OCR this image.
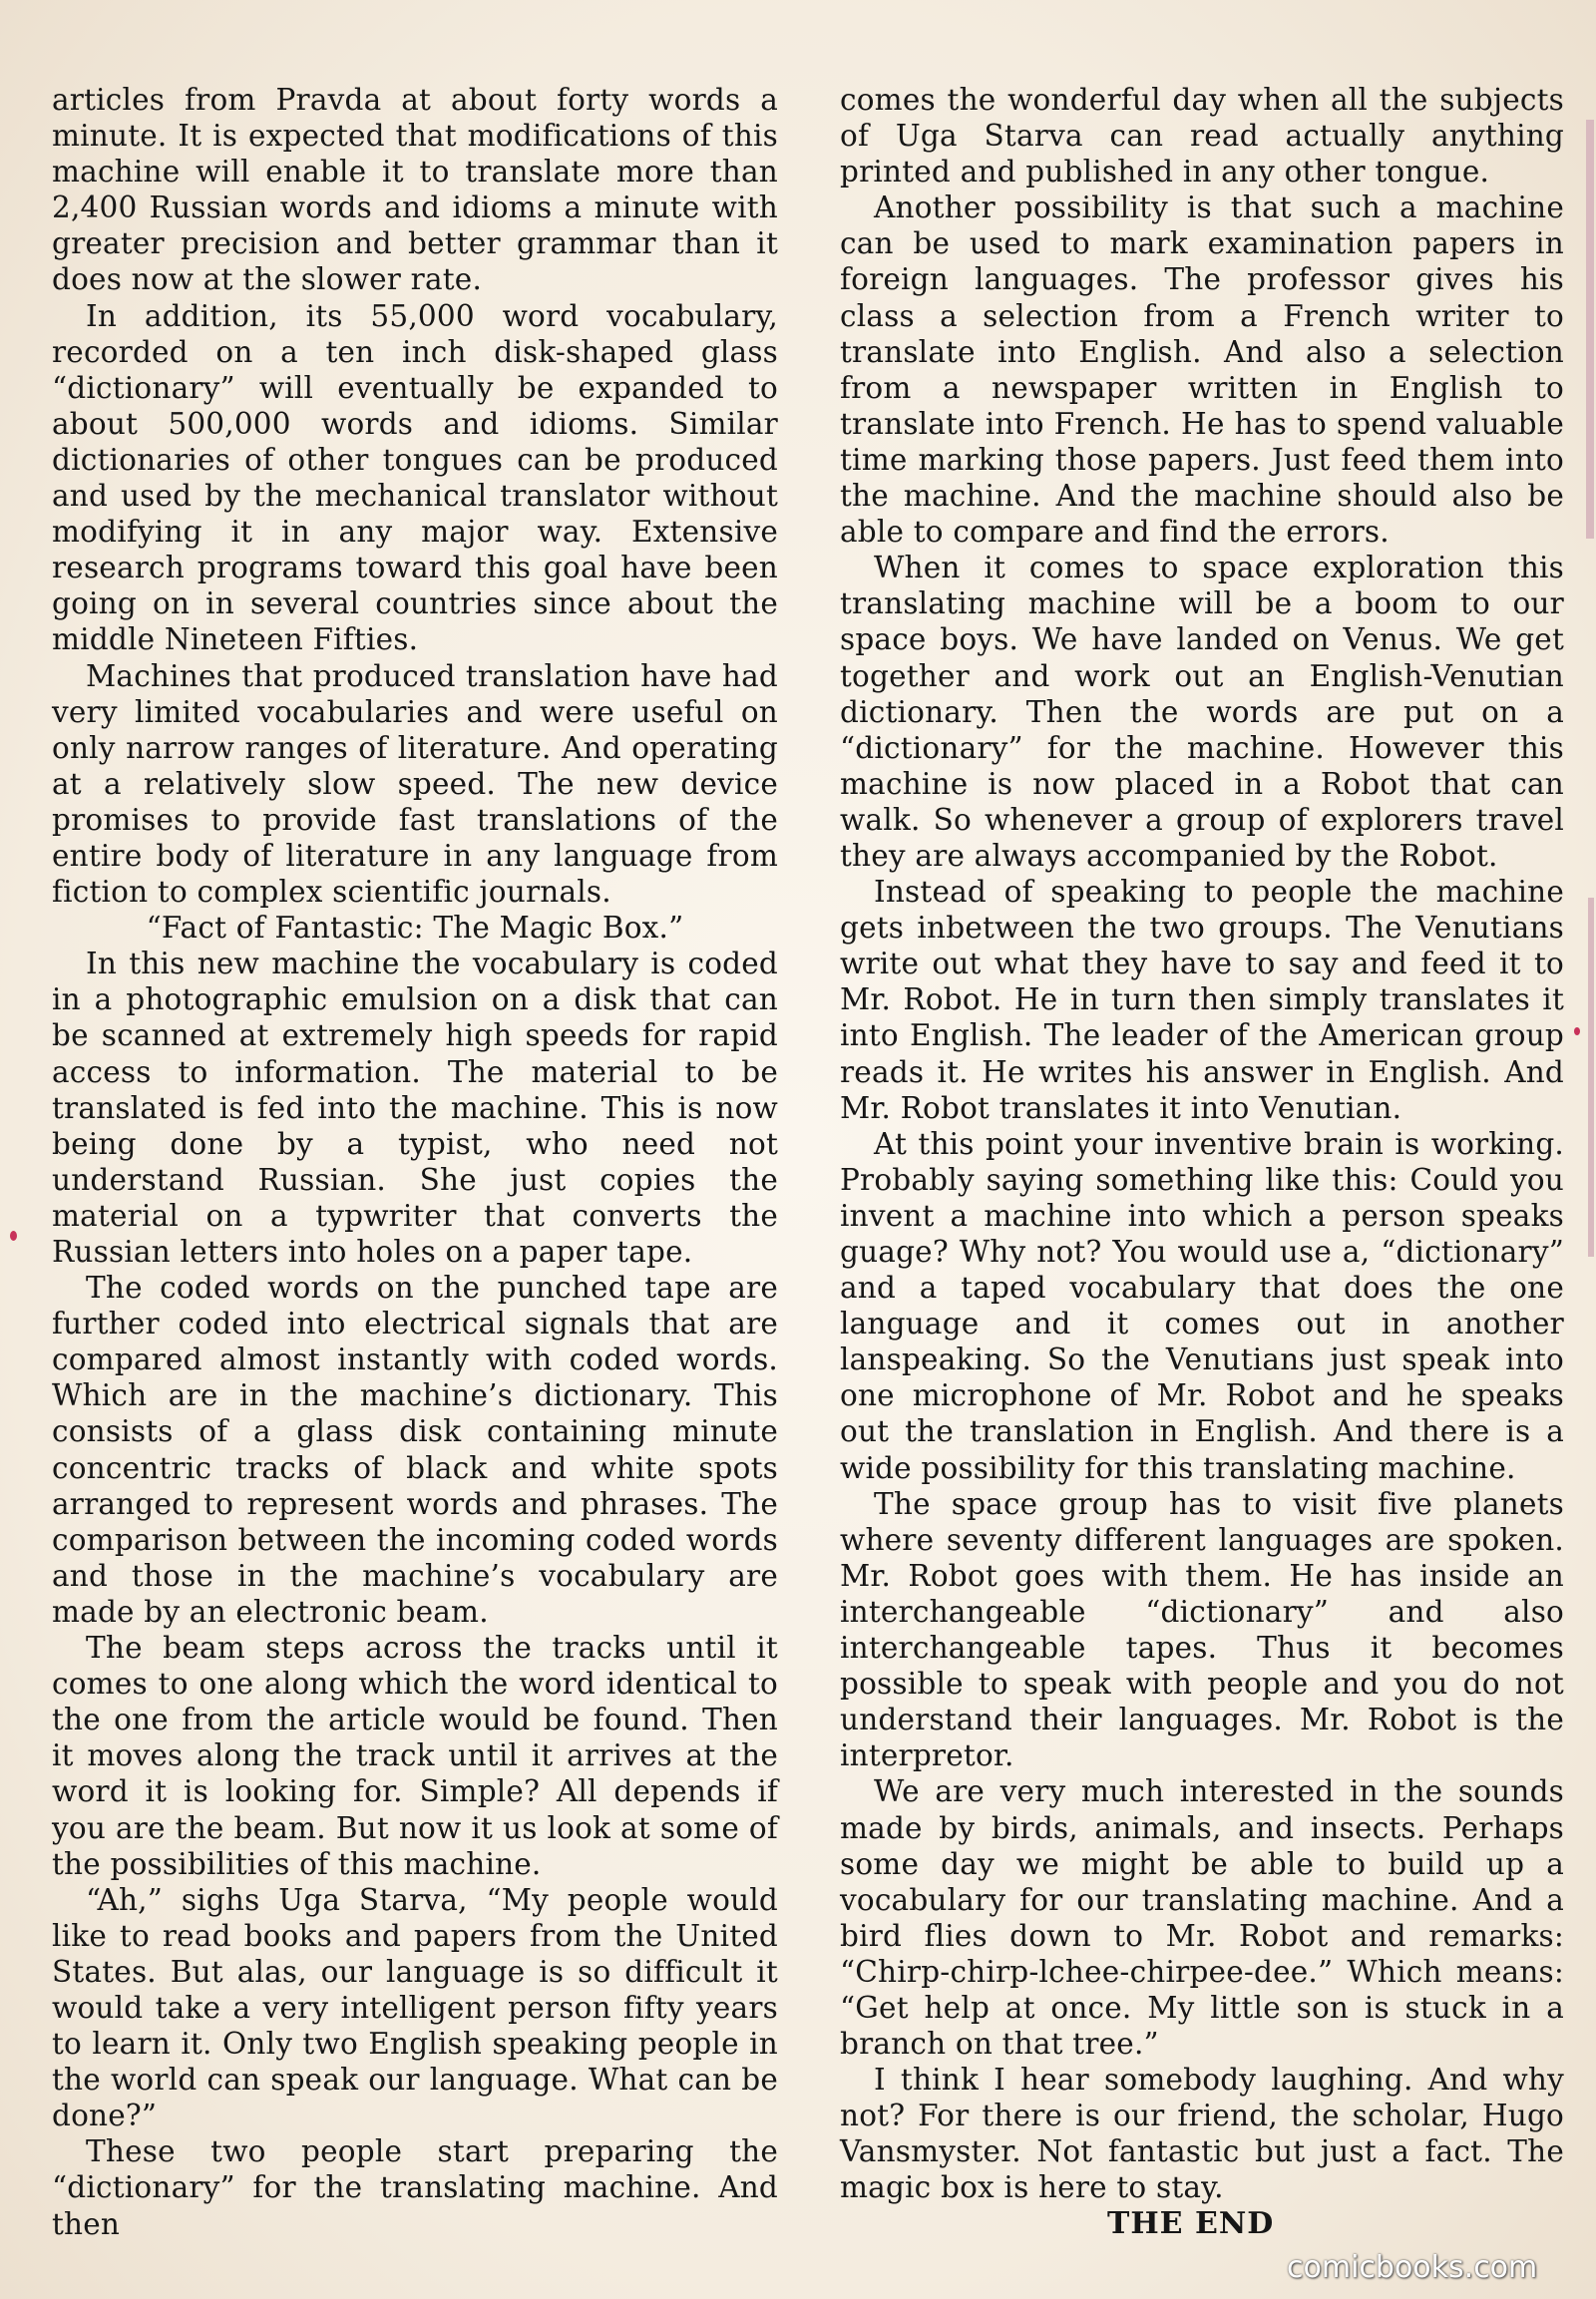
articles from Pravda at about forty words a minute. It is expected that modifications of this machine will enable it to translate more than 2,400 Russian words and idioms a minute with greater precision and better grammar than it does now at the slower rate.

In addition, its 55,000 word vocabulary, recorded on a ten inch disk-shaped glass “dictionary” will eventually be expanded to about 500,000 words and idioms. Similar dictionaries of other tongues can be produced and used by the mechanical translator without modifying it in any major way. Extensive research programs toward this goal have been going on in several countries since about the middle Nineteen Fifties.

Machines that produced translation have had very limited vocabularies and were useful on only narrow ranges of literature. And operating at a relatively slow speed. The new device promises to provide fast translations of the entire body of literature in any language from fiction to complex scientific journals.

“Fact of Fantastic: The Magic Box.”

In this new machine the vocabulary is coded in a photographic emulsion on a disk that can be scanned at extremely high speeds for rapid access to information. The material to be translated is fed into the machine. This is now being done by a typist, who need not understand Russian. She just copies the material on a typwriter that converts the Russian letters into holes on a paper tape.

The coded words on the punched tape are further coded into electrical signals that are compared almost instantly with coded words. Which are in the machine’s dictionary. This consists of a glass disk containing minute concentric tracks of black and white spots arranged to represent words and phrases. The comparison between the incoming coded words and those in the machine’s vocabulary are made by an electronic beam.

The beam steps across the tracks until it comes to one along which the word identical to the one from the article would be found. Then it moves along the track until it arrives at the word it is looking for. Simple? All depends if you are the beam. But now it us look at some of the possibilities of this machine.

“Ah,” sighs Uga Starva, “My people would like to read books and papers from the United States. But alas, our language is so difficult it would take a very intelligent person fifty years to learn it. Only two English speaking people in the world can speak our language. What can be done?”

These two people start preparing the “dictionary” for the translating machine. And then

comes the wonderful day when all the subjects of Uga Starva can read actually anything printed and published in any other tongue.

Another possibility is that such a machine can be used to mark examination papers in foreign languages. The professor gives his class a selection from a French writer to translate into English. And also a selection from a newspaper written in English to translate into French. He has to spend valuable time marking those papers. Just feed them into the machine. And the machine should also be able to compare and find the errors.

When it comes to space exploration this translating machine will be a boom to our space boys. We have landed on Venus. We get together and work out an English-Venutian dictionary. Then the words are put on a “dictionary” for the machine. However this machine is now placed in a Robot that can walk. So whenever a group of explorers travel they are always accompanied by the Robot.

Instead of speaking to people the machine gets inbetween the two groups. The Venutians write out what they have to say and feed it to Mr. Robot. He in turn then simply translates it into English. The leader of the American group reads it. He writes his answer in English. And Mr. Robot translates it into Venutian.

At this point your inventive brain is working. Probably saying something like this: Could you invent a machine into which a person speaks guage? Why not? You would use a, “dictionary” and a taped vocabulary that does the one language and it comes out in another lanspeaking. So the Venutians just speak into one microphone of Mr. Robot and he speaks out the translation in English. And there is a wide possibility for this translating machine.

The space group has to visit five planets where seventy different languages are spoken. Mr. Robot goes with them. He has inside an interchangeable “dictionary” and also interchangeable tapes. Thus it becomes possible to speak with people and you do not understand their languages. Mr. Robot is the interpretor.

We are very much interested in the sounds made by birds, animals, and insects. Perhaps some day we might be able to build up a vocabulary for our translating machine. And a bird flies down to Mr. Robot and remarks: “Chirp-chirp-lchee-chirpee-dee.” Which means: “Get help at once. My little son is stuck in a branch on that tree.”

I think I hear somebody laughing. And why not? For there is our friend, the scholar, Hugo Vansmyster. Not fantastic but just a fact. The magic box is here to stay.

THE END
comicbooks.com
